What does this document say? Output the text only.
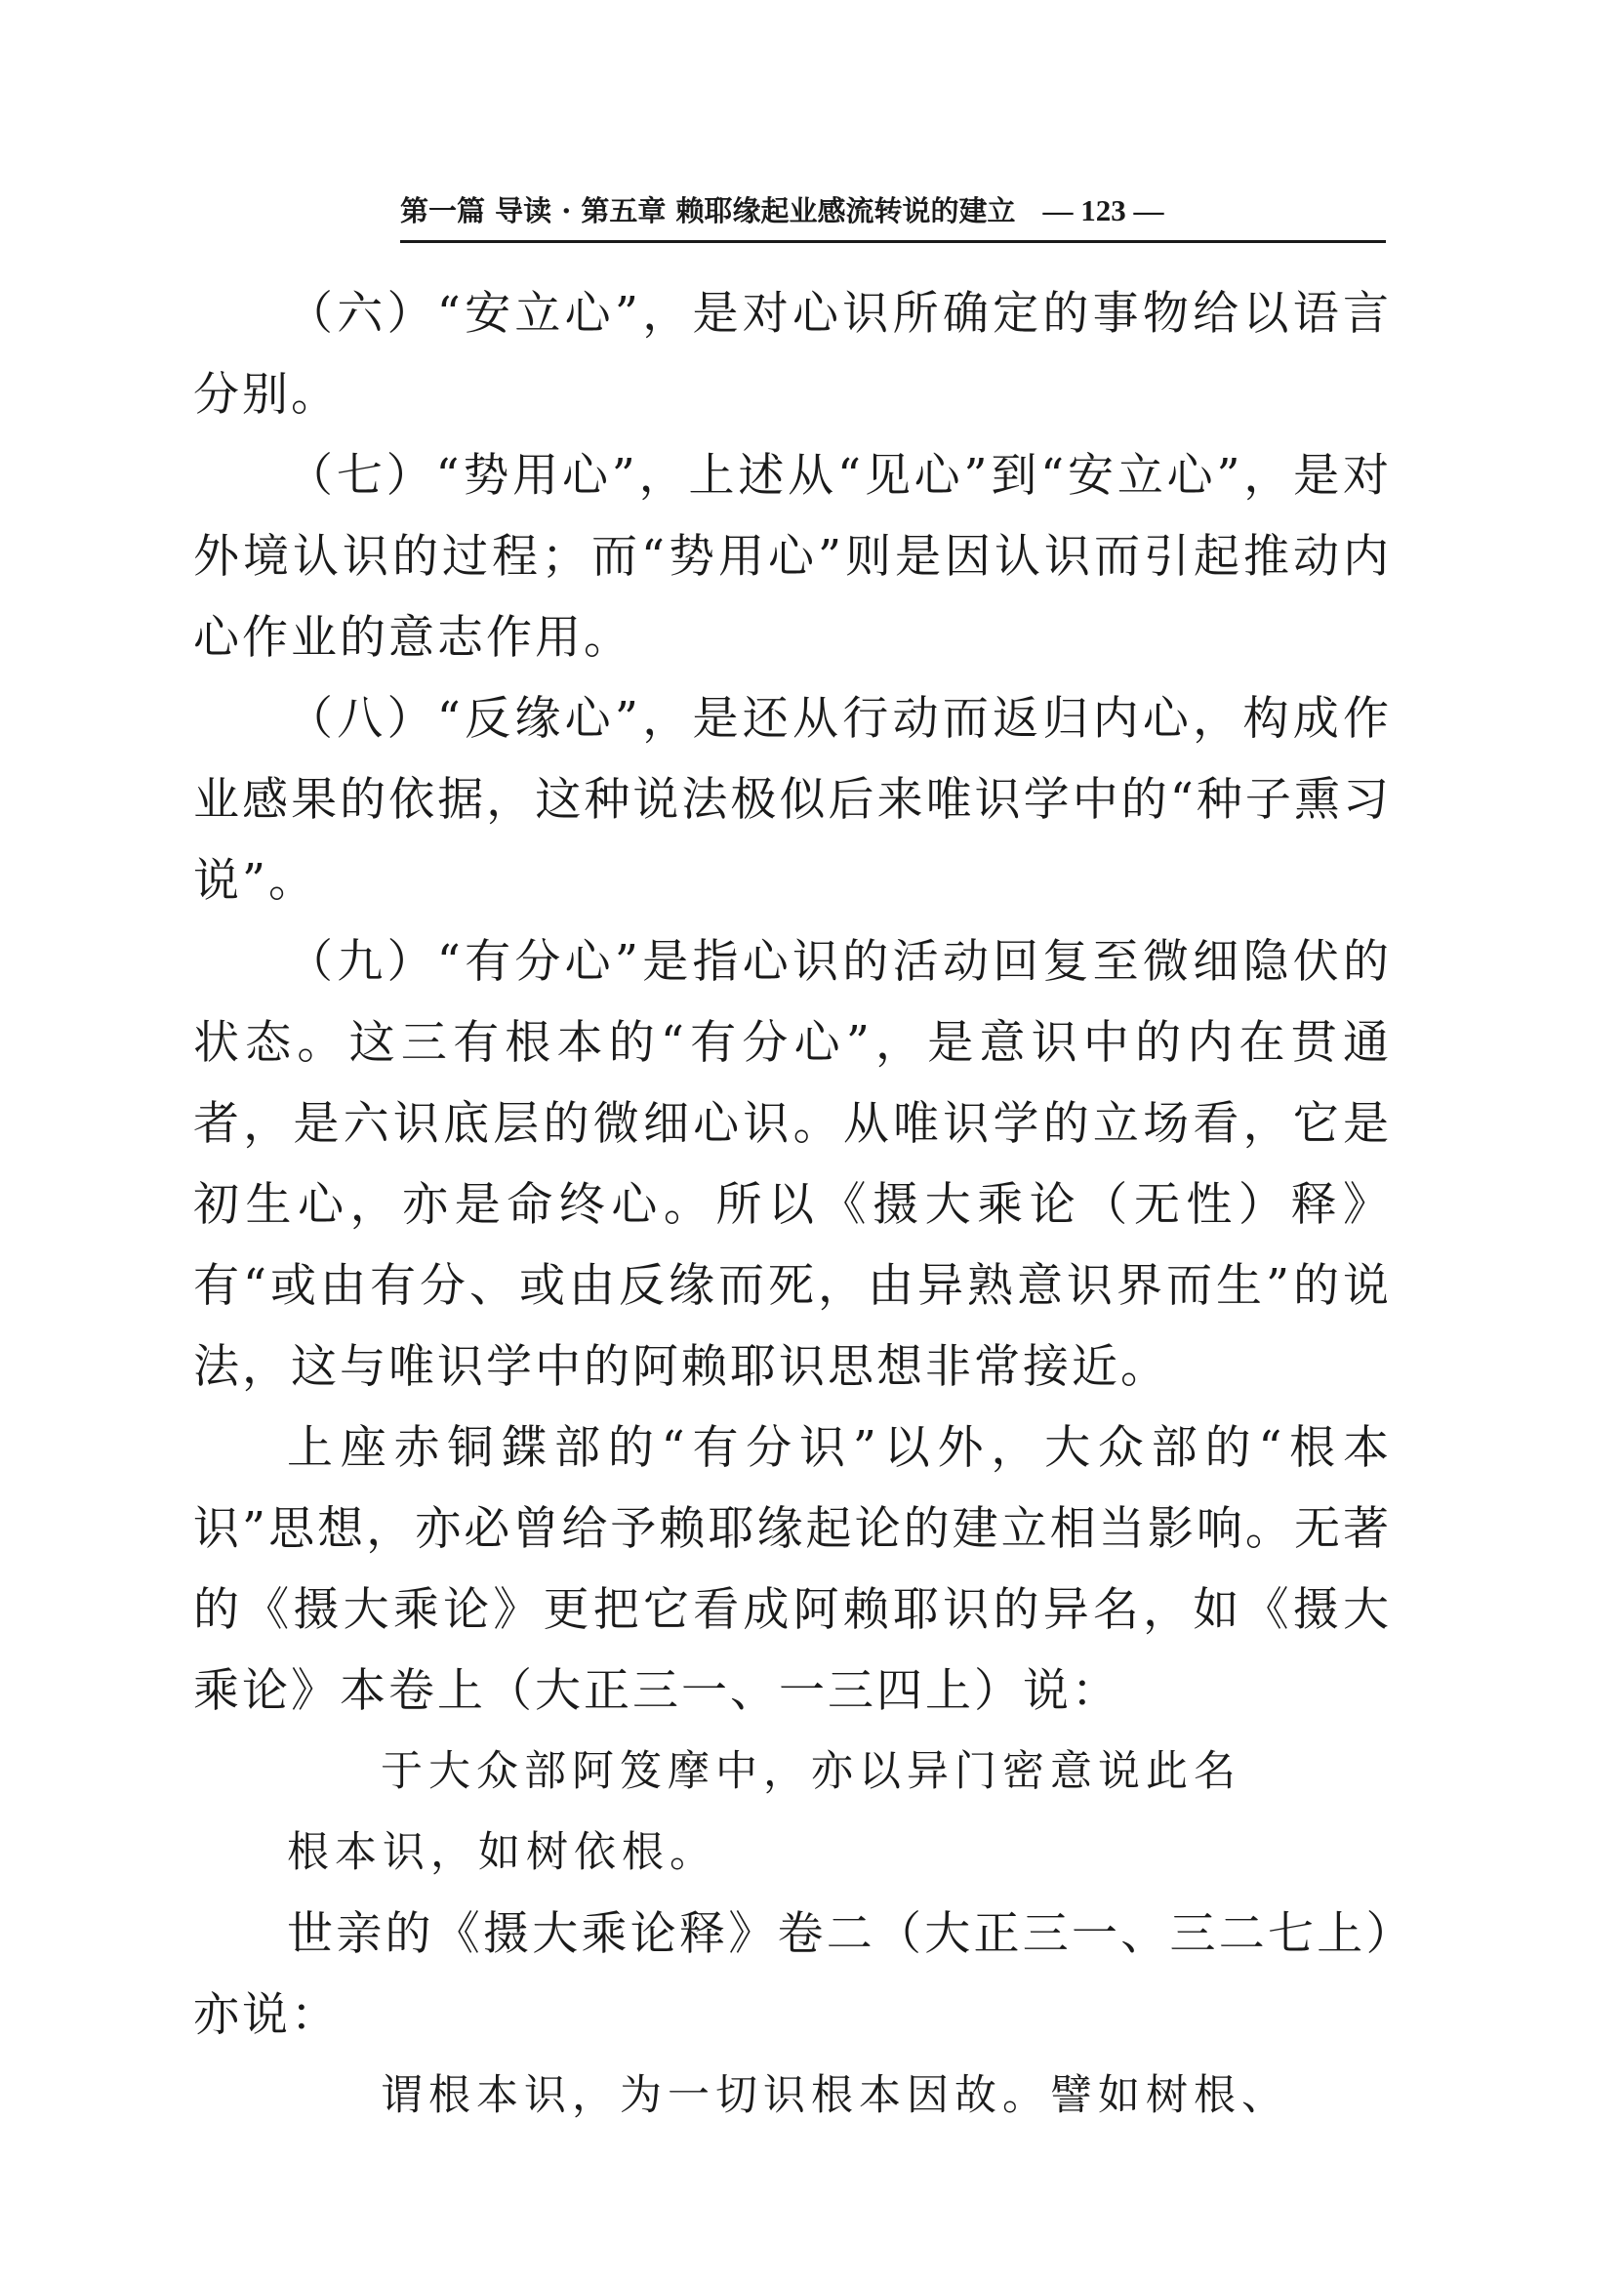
第一篇 导读 · 第五章 赖耶缘起业感流转说的建立 — 123 —

（六）“安立心”，是对心识所确定的事物给以语言分别。

（七）“势用心”，上述从“见心”到“安立心”，是对外境认识的过程；而“势用心”则是因认识而引起推动内心作业的意志作用。

（八）“反缘心”，是还从行动而返归内心，构成作业感果的依据，这种说法极似后来唯识学中的“种子熏习说”。

（九）“有分心”是指心识的活动回复至微细隐伏的状态。这三有根本的“有分心”，是意识中的内在贯通者，是六识底层的微细心识。从唯识学的立场看，它是初生心，亦是命终心。所以《摄大乘论（无性）释》有“或由有分、或由反缘而死，由异熟意识界而生”的说法，这与唯识学中的阿赖耶识思想非常接近。

上座赤铜鍱部的“有分识”以外，大众部的“根本识”思想，亦必曾给予赖耶缘起论的建立相当影响。无著的《摄大乘论》更把它看成阿赖耶识的异名，如《摄大乘论》本卷上（大正三一、一三四上）说：

于大众部阿笈摩中，亦以异门密意说此名

根本识，如树依根。

世亲的《摄大乘论释》卷二（大正三一、三二七上）亦说：

谓根本识，为一切识根本因故。譬如树根、
